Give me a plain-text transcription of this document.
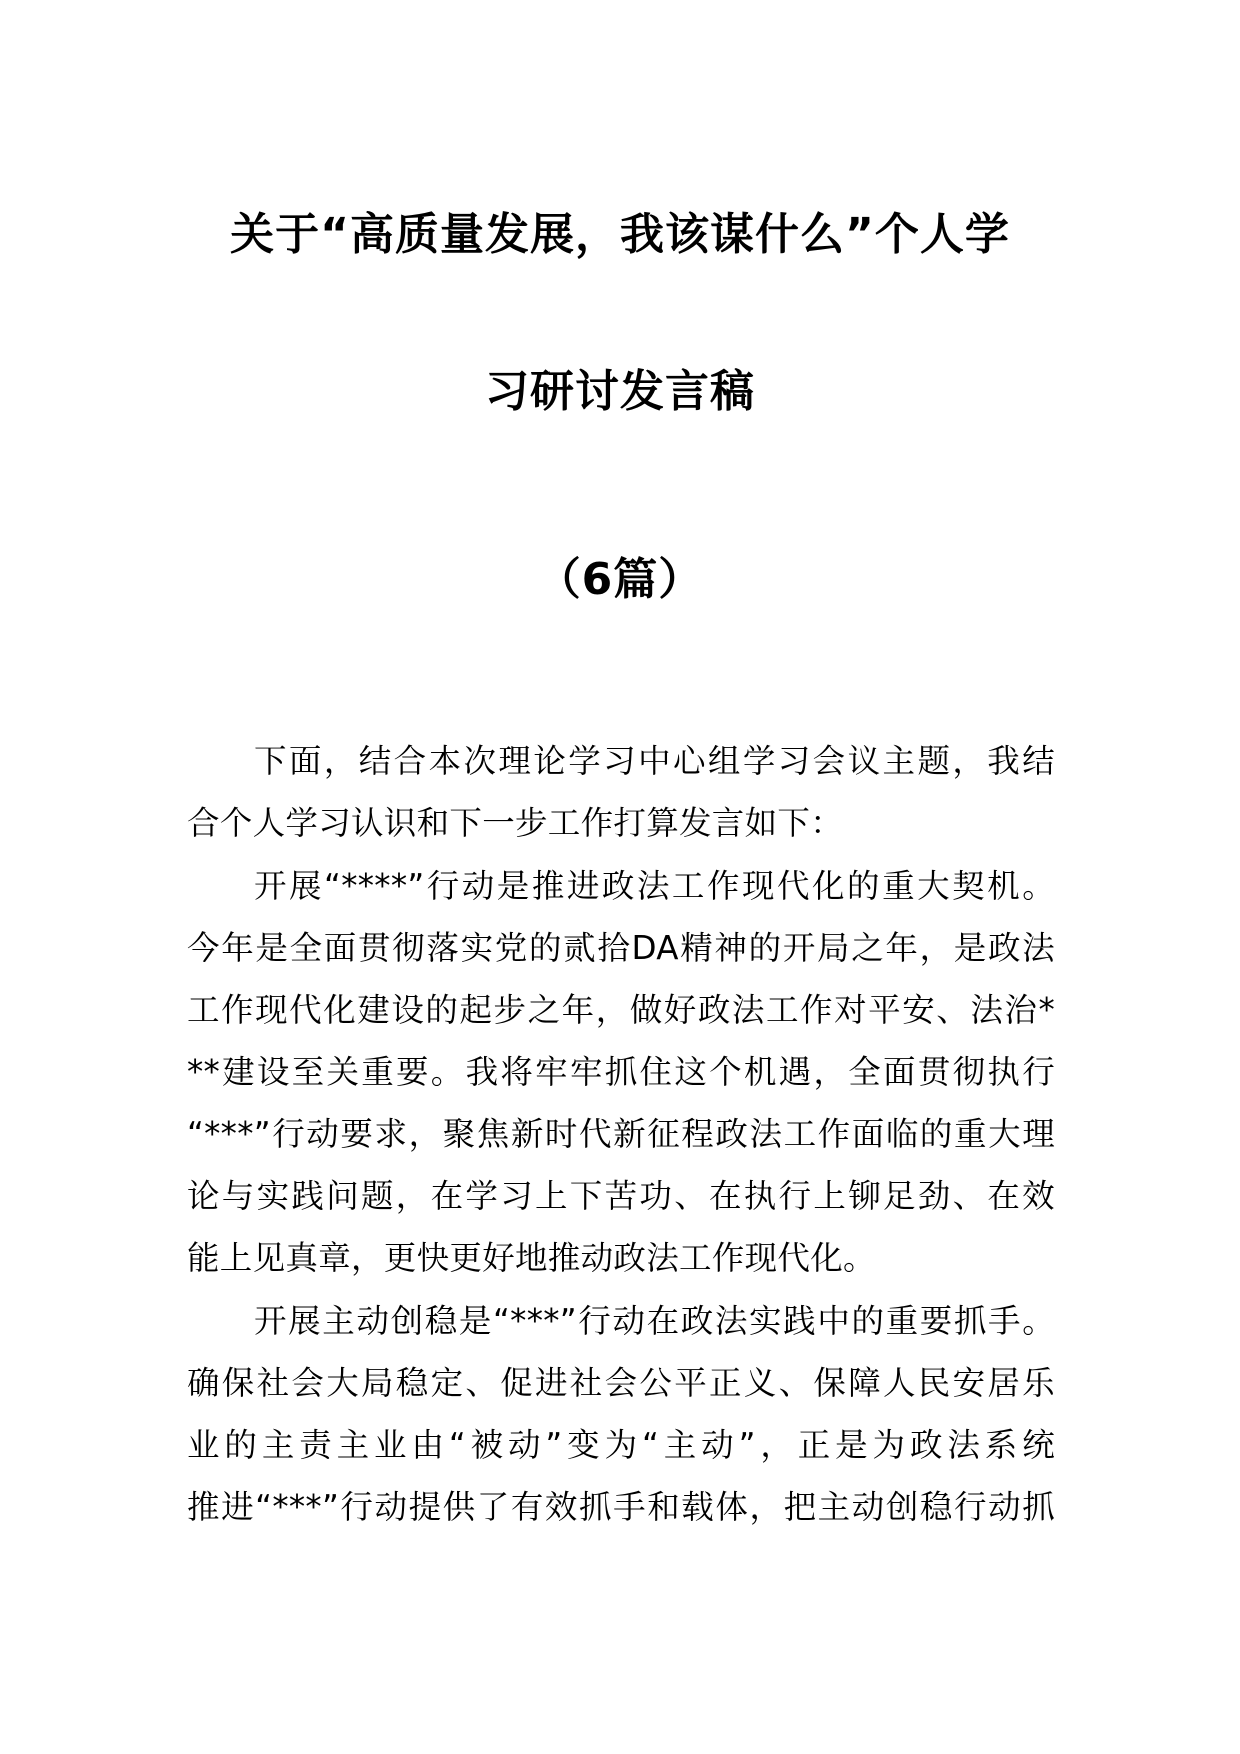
关于“高质量发展，我该谋什么”个人学
习研讨发言稿
（6篇）
下面，结合本次理论学习中心组学习会议主题，我结
合个人学习认识和下一步工作打算发言如下：
开展“****”行动是推进政法工作现代化的重大契机。
今年是全面贯彻落实党的贰拾DA精神的开局之年，是政法
工作现代化建设的起步之年，做好政法工作对平安、法治*
**建设至关重要。我将牢牢抓住这个机遇，全面贯彻执行
“***”行动要求，聚焦新时代新征程政法工作面临的重大理
论与实践问题，在学习上下苦功、在执行上铆足劲、在效
能上见真章，更快更好地推动政法工作现代化。
开展主动创稳是“***”行动在政法实践中的重要抓手。
确保社会大局稳定、促进社会公平正义、保障人民安居乐
业的主责主业由“被动”变为“主动”，正是为政法系统
推进“***”行动提供了有效抓手和载体，把主动创稳行动抓
